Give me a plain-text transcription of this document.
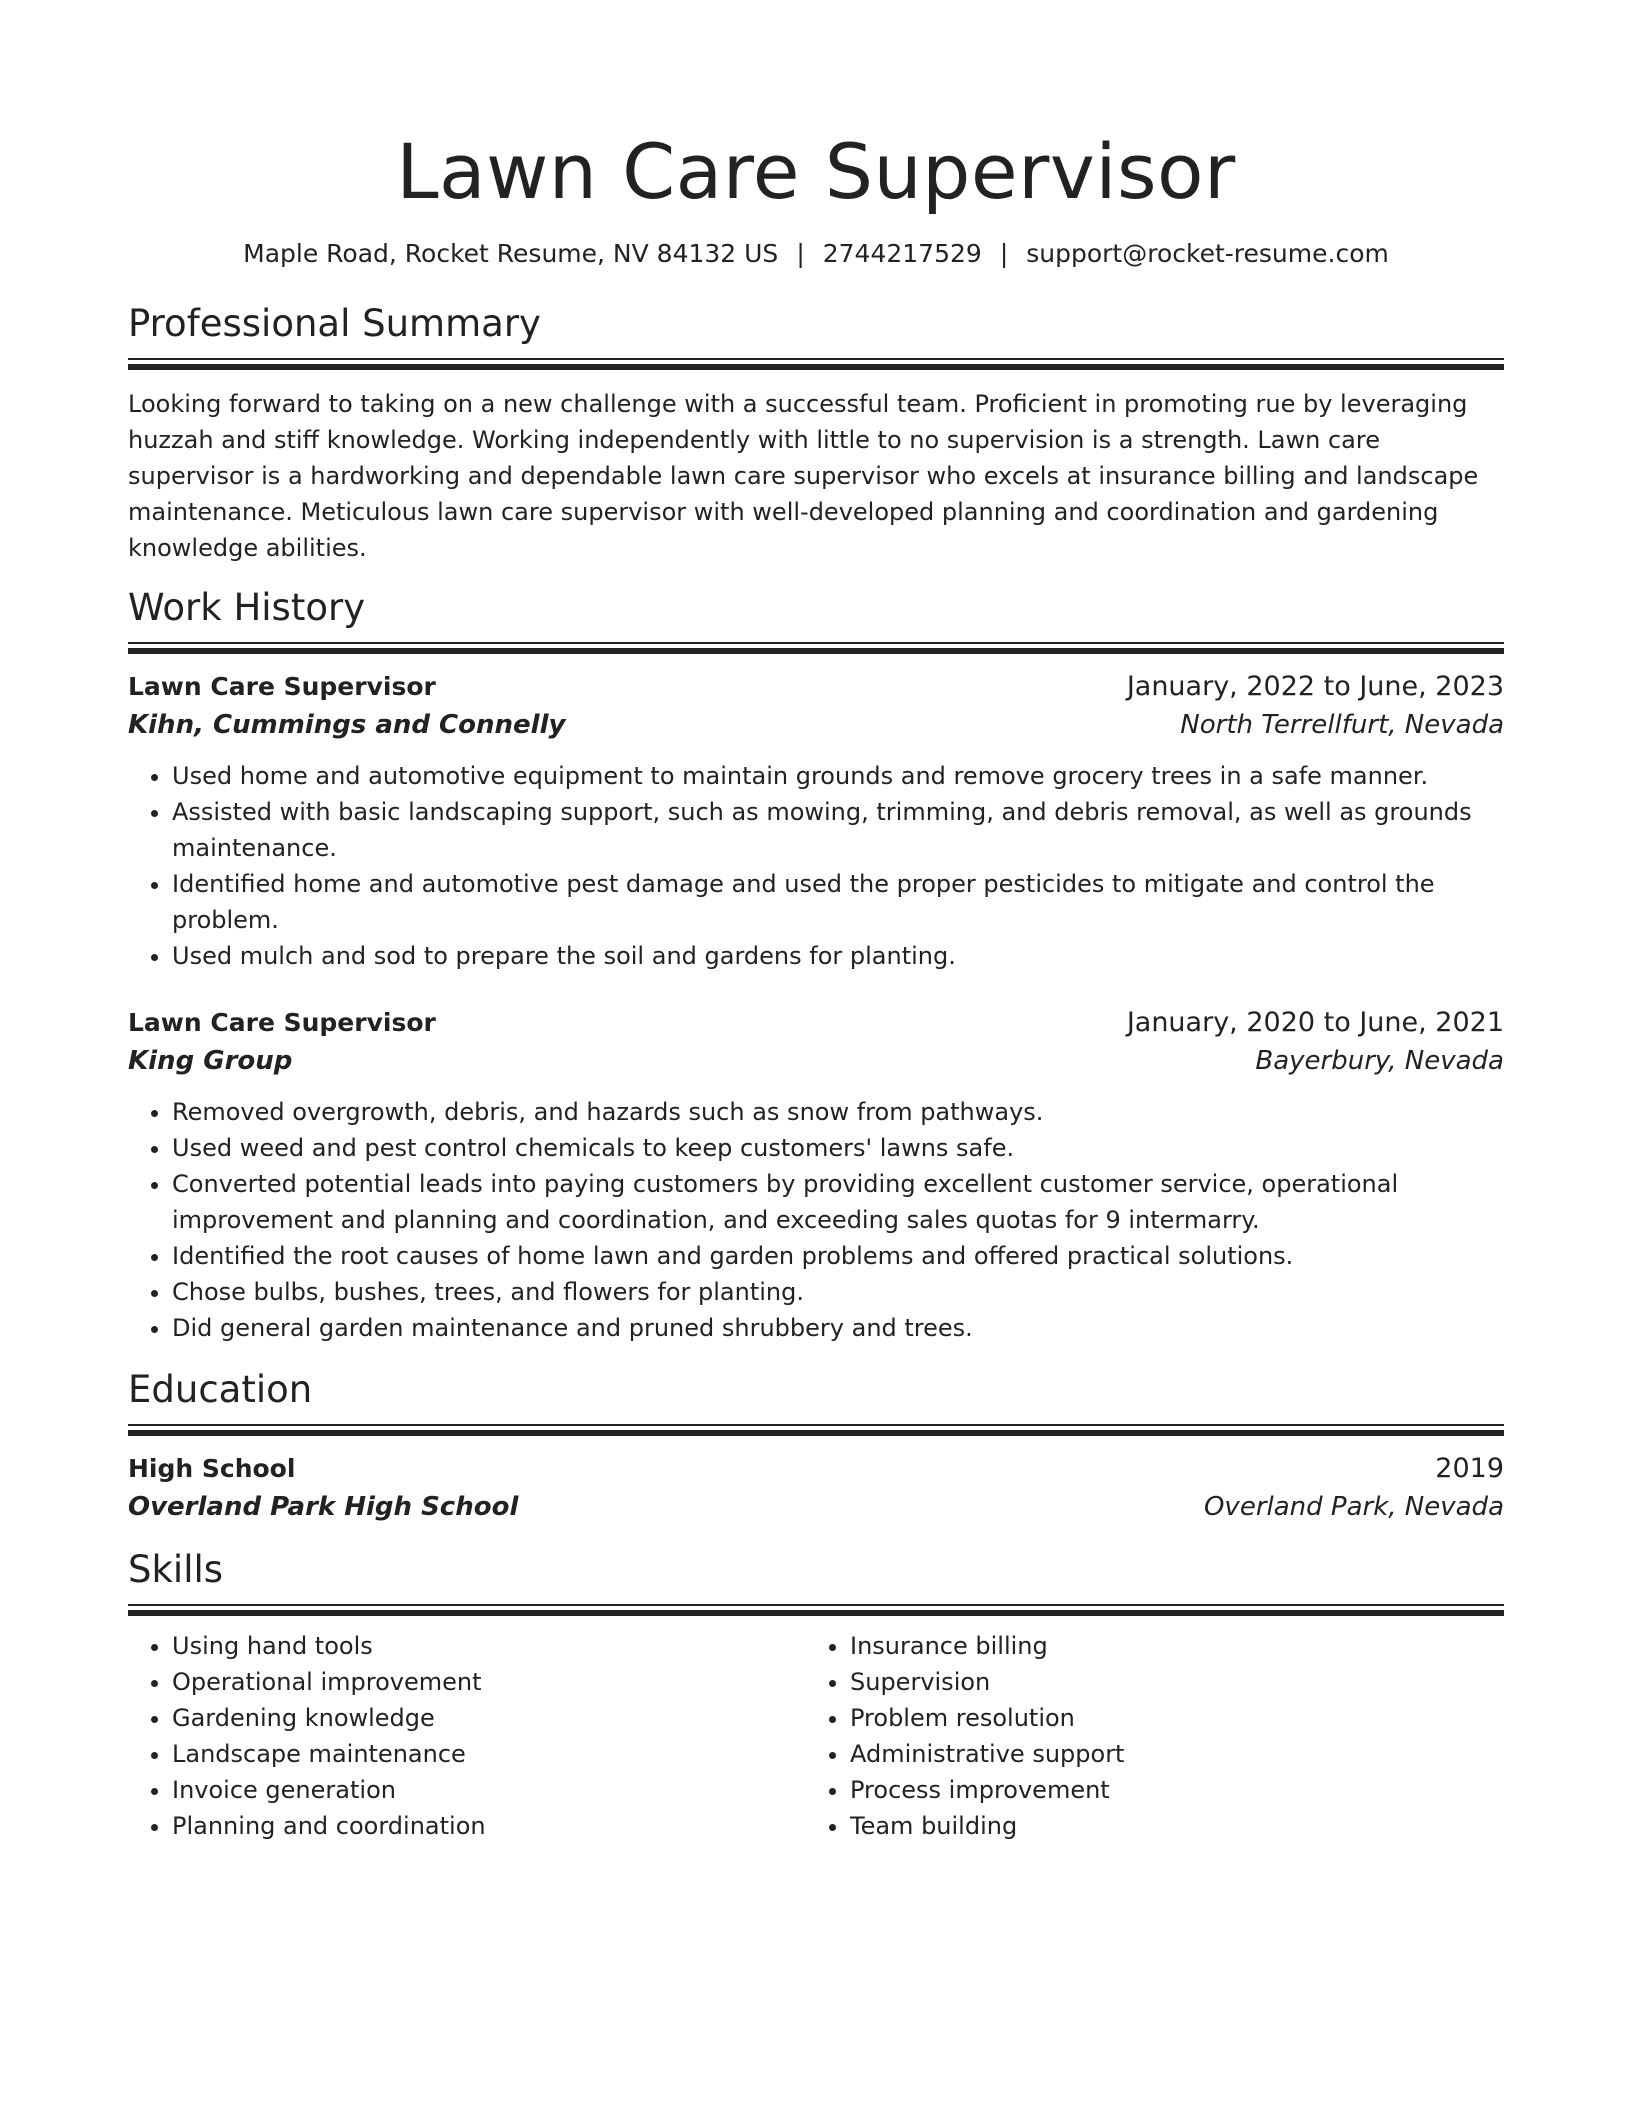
Lawn Care Supervisor
Maple Road, Rocket Resume, NV 84132 US | 2744217529 | support@rocket-resume.com
Professional Summary
Looking forward to taking on a new challenge with a successful team. Proficient in promoting rue by leveraging huzzah and stiff knowledge. Working independently with little to no supervision is a strength. Lawn care supervisor is a hardworking and dependable lawn care supervisor who excels at insurance billing and landscape maintenance. Meticulous lawn care supervisor with well-developed planning and coordination and gardening knowledge abilities.
Work History
Lawn Care Supervisor	January, 2022 to June, 2023
Kihn, Cummings and Connelly	North Terrellfurt, Nevada
• Used home and automotive equipment to maintain grounds and remove grocery trees in a safe manner.
• Assisted with basic landscaping support, such as mowing, trimming, and debris removal, as well as grounds maintenance.
• Identified home and automotive pest damage and used the proper pesticides to mitigate and control the problem.
• Used mulch and sod to prepare the soil and gardens for planting.
Lawn Care Supervisor	January, 2020 to June, 2021
King Group	Bayerbury, Nevada
• Removed overgrowth, debris, and hazards such as snow from pathways.
• Used weed and pest control chemicals to keep customers' lawns safe.
• Converted potential leads into paying customers by providing excellent customer service, operational improvement and planning and coordination, and exceeding sales quotas for 9 intermarry.
• Identified the root causes of home lawn and garden problems and offered practical solutions.
• Chose bulbs, bushes, trees, and flowers for planting.
• Did general garden maintenance and pruned shrubbery and trees.
Education
High School	2019
Overland Park High School	Overland Park, Nevada
Skills
• Using hand tools
• Operational improvement
• Gardening knowledge
• Landscape maintenance
• Invoice generation
• Planning and coordination
• Insurance billing
• Supervision
• Problem resolution
• Administrative support
• Process improvement
• Team building
